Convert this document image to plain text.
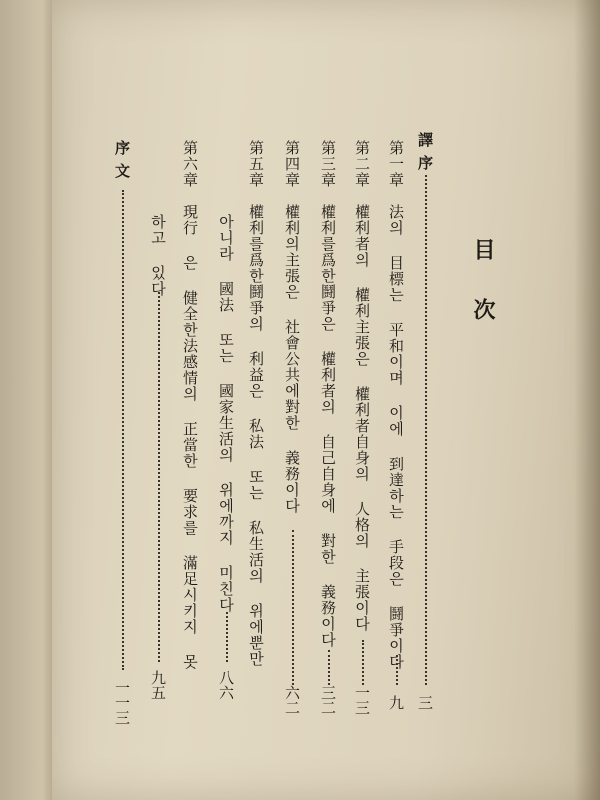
目
次
譯序
三
第一章　法의 目標는 平和이며 이에 到達하는 手段은 鬪爭이다
九
第二章　權利者의 權利主張은 權利者自身의 人格의 主張이다
一三
第三章　權利를爲한鬪爭은 權利者의 自己自身에 對한 義務이다
三二
第四章　權利의主張은 社會公共에對한 義務이다
六二
第五章　權利를爲한鬪爭의 利益은 私法 또는 私生活의 위에뿐만
아니라 國法 또는 國家生活의 위에까지 미친다
八六
第六章　現行 은 健全한法感情의 正當한 要求를 滿足시키지 못
하고 있다
九五
序文
一一三
